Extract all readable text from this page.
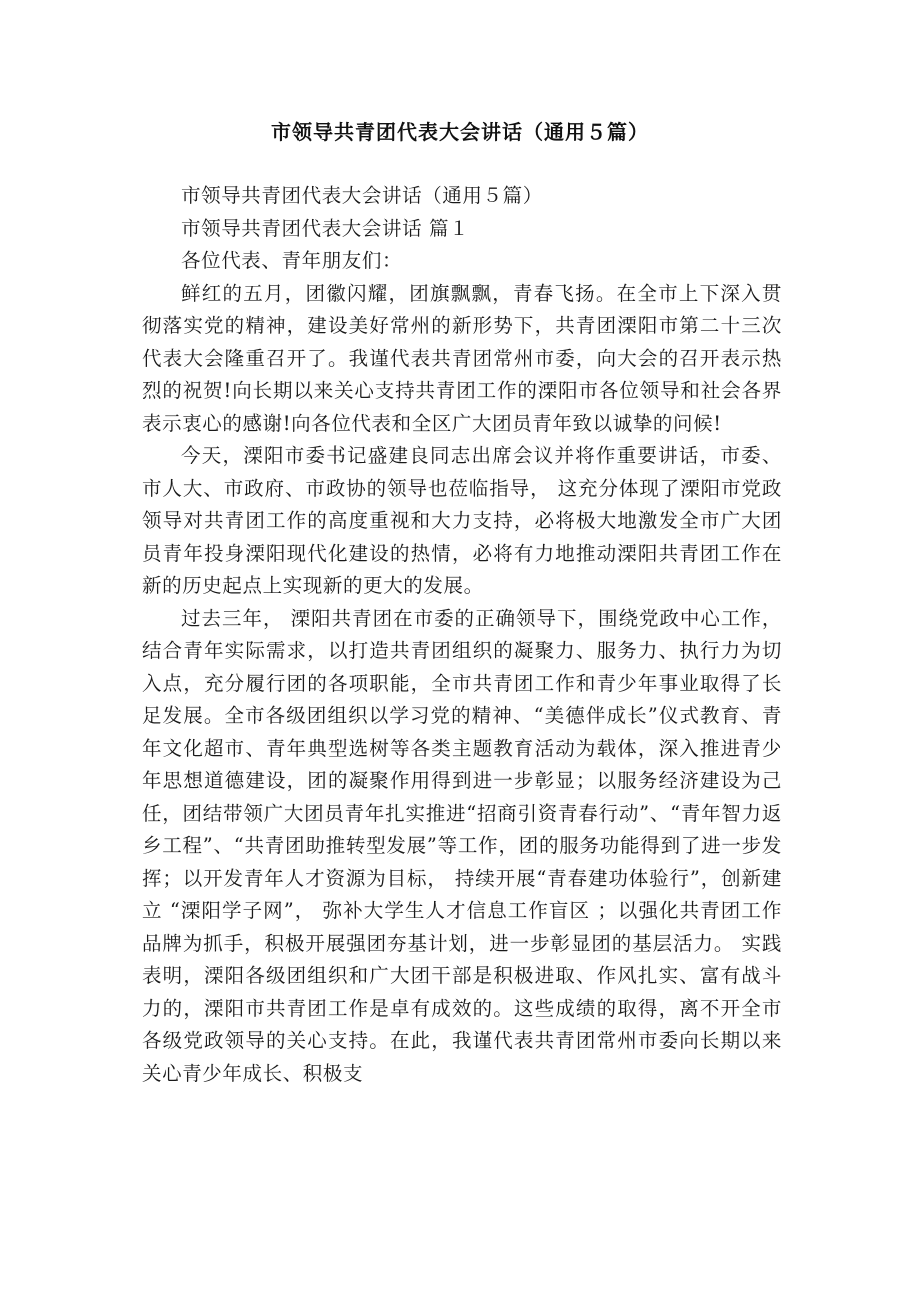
市领导共青团代表大会讲话（通用５篇）

市领导共青团代表大会讲话（通用５篇）

市领导共青团代表大会讲话 篇１

各位代表、青年朋友们：

鲜红的五月，团徽闪耀，团旗飘飘，青春飞扬。在全市上下深入贯彻落实党的精神，建设美好常州的新形势下，共青团溧阳市第二十三次代表大会隆重召开了。我谨代表共青团常州市委，向大会的召开表示热烈的祝贺!向长期以来关心支持共青团工作的溧阳市各位领导和社会各界表示衷心的感谢!向各位代表和全区广大团员青年致以诚挚的问候!

今天，溧阳市委书记盛建良同志出席会议并将作重要讲话，市委、市人大、市政府、市政协的领导也莅临指导， 这充分体现了溧阳市党政领导对共青团工作的高度重视和大力支持，必将极大地激发全市广大团员青年投身溧阳现代化建设的热情，必将有力地推动溧阳共青团工作在新的历史起点上实现新的更大的发展。

过去三年， 溧阳共青团在市委的正确领导下，围绕党政中心工作，结合青年实际需求，以打造共青团组织的凝聚力、服务力、执行力为切入点，充分履行团的各项职能，全市共青团工作和青少年事业取得了长足发展。全市各级团组织以学习党的精神、“美德伴成长”仪式教育、青年文化超市、青年典型选树等各类主题教育活动为载体，深入推进青少年思想道德建设，团的凝聚作用得到进一步彰显；以服务经济建设为己任，团结带领广大团员青年扎实推进“招商引资青春行动”、“青年智力返乡工程”、“共青团助推转型发展”等工作，团的服务功能得到了进一步发挥；以开发青年人才资源为目标， 持续开展“青春建功体验行”，创新建立 “溧阳学子网”， 弥补大学生人才信息工作盲区 ；以强化共青团工作品牌为抓手，积极开展强团夯基计划，进一步彰显团的基层活力。 实践表明，溧阳各级团组织和广大团干部是积极进取、作风扎实、富有战斗力的，溧阳市共青团工作是卓有成效的。这些成绩的取得，离不开全市各级党政领导的关心支持。在此，我谨代表共青团常州市委向长期以来关心青少年成长、积极支
